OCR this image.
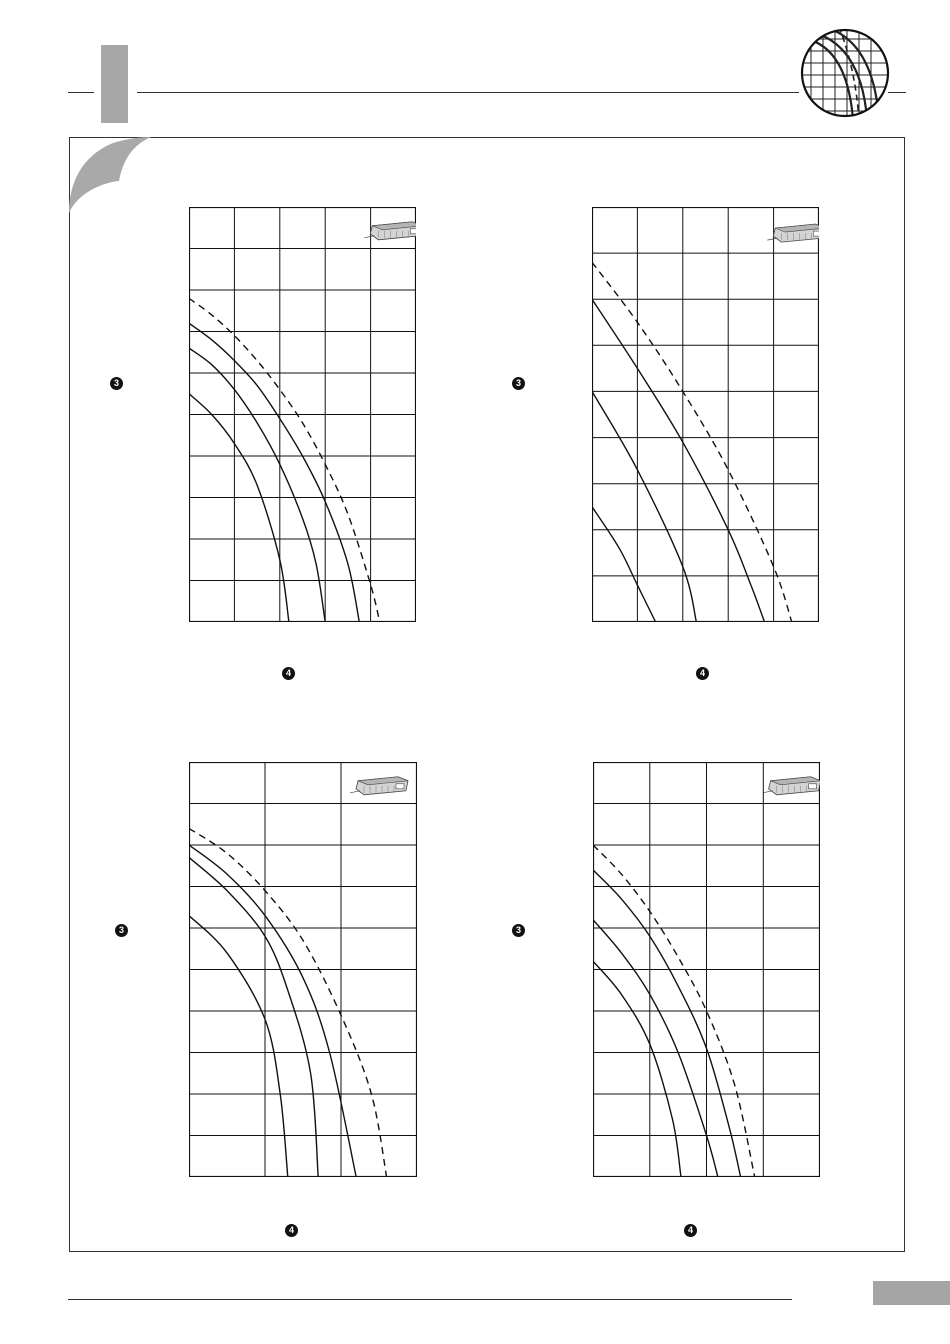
3	3
3	3
4	4
4	4
